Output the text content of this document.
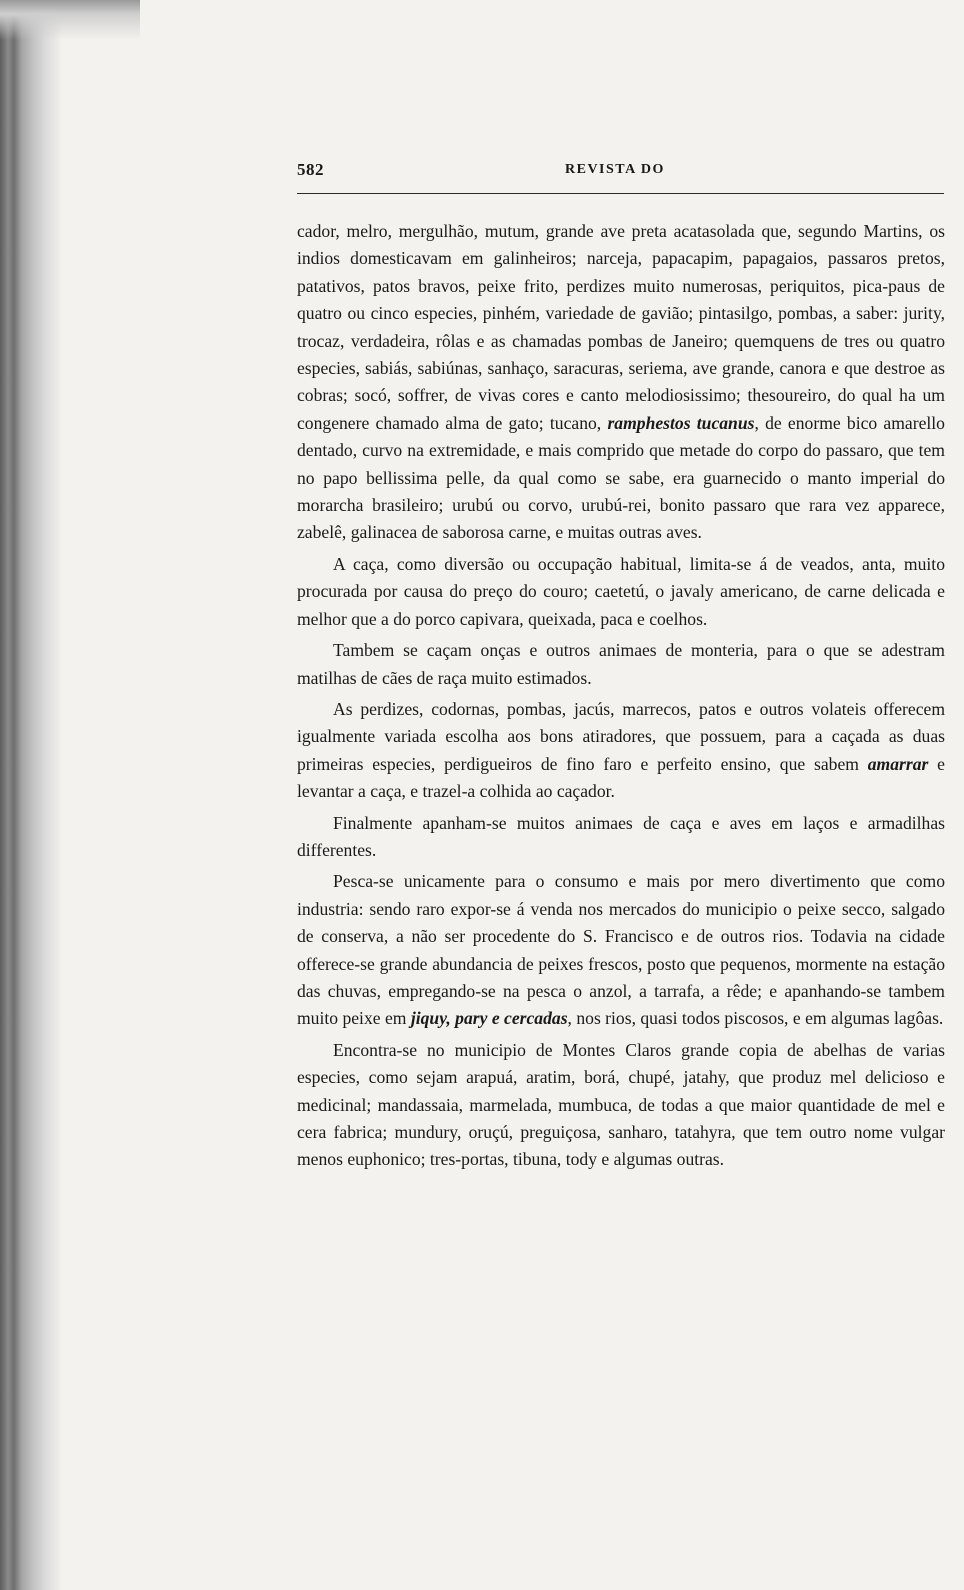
582	REVISTA DO

cador, melro, mergulhão, mutum, grande ave preta acatasolada que, segundo Martins, os indios domesticavam em galinheiros; narceja, papacapim, papagaios, passaros pretos, patativos, patos bravos, peixe frito, perdizes muito numerosas, periquitos, pica-paus de quatro ou cinco especies, pinhém, variedade de gavião; pintasilgo, pombas, a saber: jurity, trocaz, verdadeira, rôlas e as chamadas pombas de Janeiro; quemquens de tres ou quatro especies, sabiás, sabiúnas, sanhaço, saracuras, seriema, ave grande, canora e que destroe as cobras; socó, soffrer, de vivas cores e canto melodiosissimo; thesoureiro, do qual ha um congenere chamado alma de gato; tucano, ramphestos tucanus, de enorme bico amarello dentado, curvo na extremidade, e mais comprido que metade do corpo do passaro, que tem no papo bellissima pelle, da qual como se sabe, era guarnecido o manto imperial do morarcha brasileiro; urubú ou corvo, urubú-rei, bonito passaro que rara vez apparece, zabelê, galinacea de saborosa carne, e muitas outras aves.

A caça, como diversão ou occupação habitual, limita-se á de veados, anta, muito procurada por causa do preço do couro; caetetú, o javaly americano, de carne delicada e melhor que a do porco capivara, queixada, paca e coelhos.

Tambem se caçam onças e outros animaes de monteria, para o que se adestram matilhas de cães de raça muito estimados.

As perdizes, codornas, pombas, jacús, marrecos, patos e outros volateis offerecem igualmente variada escolha aos bons atiradores, que possuem, para a caçada as duas primeiras especies, perdigueiros de fino faro e perfeito ensino, que sabem amarrar e levantar a caça, e trazel-a colhida ao caçador.

Finalmente apanham-se muitos animaes de caça e aves em laços e armadilhas differentes.

Pesca-se unicamente para o consumo e mais por mero divertimento que como industria: sendo raro expor-se á venda nos mercados do municipio o peixe secco, salgado de conserva, a não ser procedente do S. Francisco e de outros rios. Todavia na cidade offerece-se grande abundancia de peixes frescos, posto que pequenos, mormente na estação das chuvas, empregando-se na pesca o anzol, a tarrafa, a rêde; e apanhando-se tambem muito peixe em jiquy, pary e cercadas, nos rios, quasi todos piscosos, e em algumas lagôas.

Encontra-se no municipio de Montes Claros grande copia de abelhas de varias especies, como sejam arapuá, aratim, borá, chupé, jatahy, que produz mel delicioso e medicinal; mandassaia, marmelada, mumbuca, de todas a que maior quantidade de mel e cera fabrica; mundury, oruçú, preguiçosa, sanharo, tatahyra, que tem outro nome vulgar menos euphonico; tres-portas, tibuna, tody e algumas outras.
